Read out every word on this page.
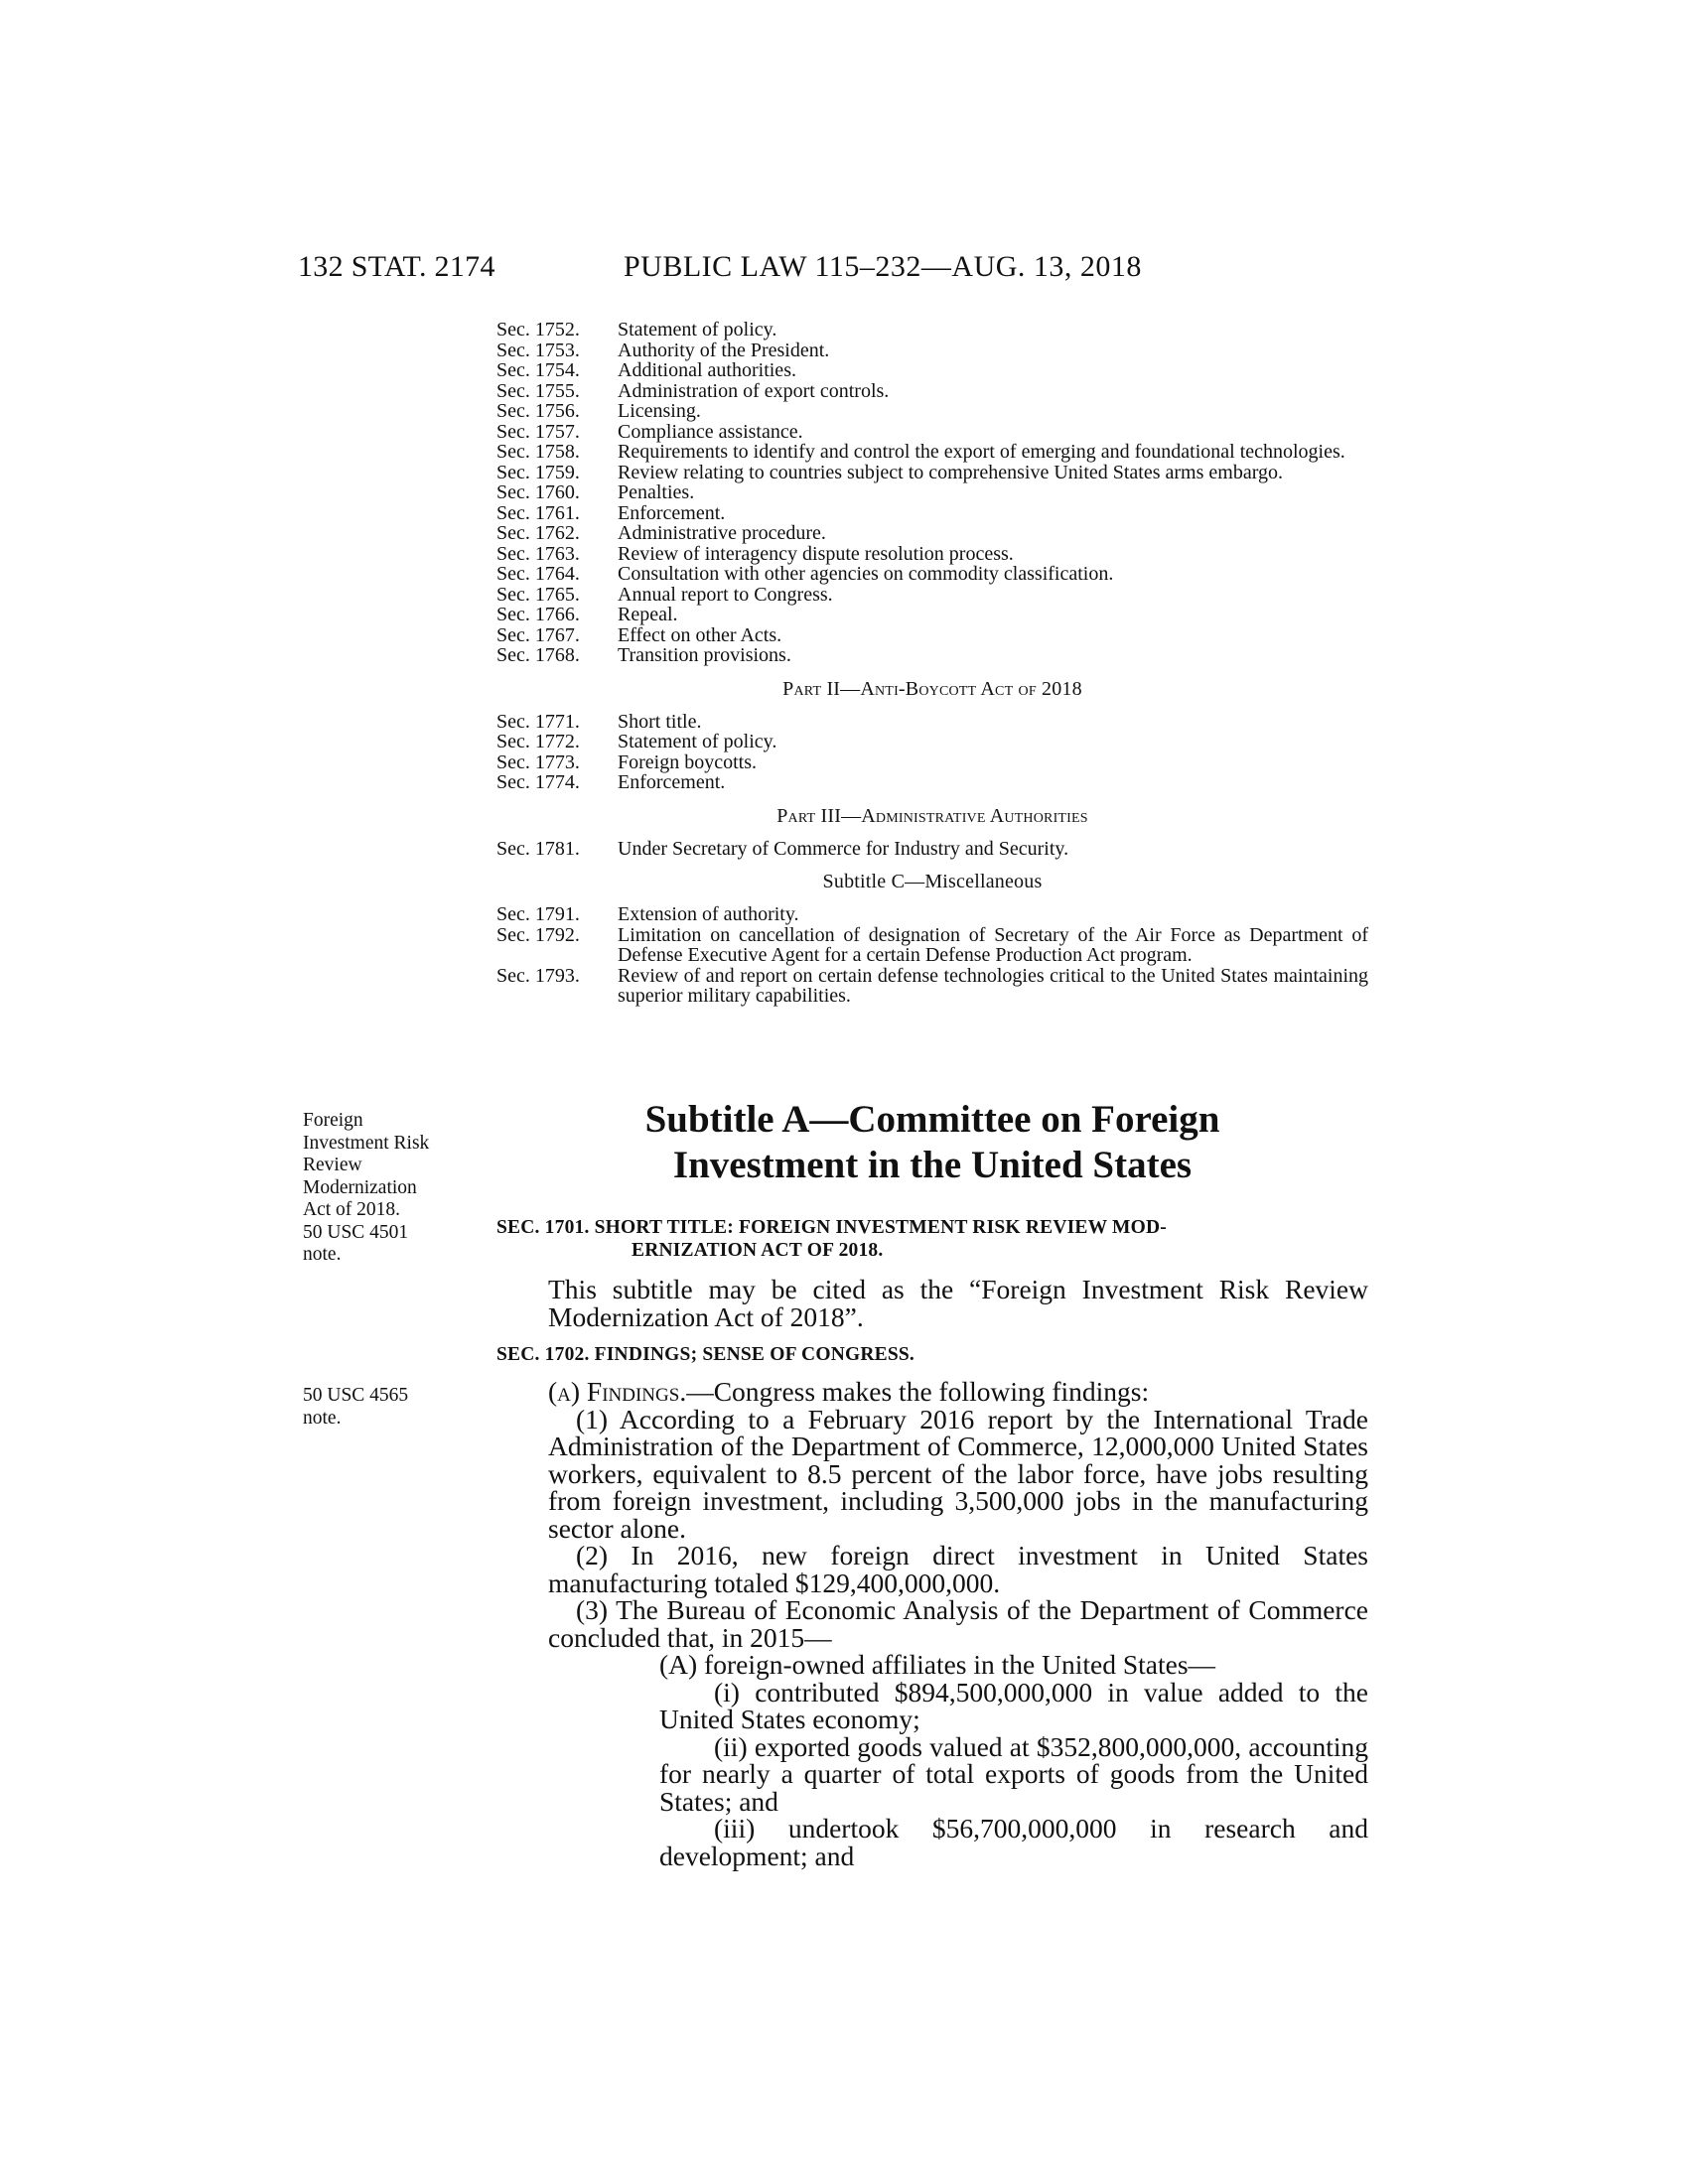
132 STAT. 2174	PUBLIC LAW 115–232—AUG. 13, 2018
Sec. 1752.	Statement of policy.
Sec. 1753.	Authority of the President.
Sec. 1754.	Additional authorities.
Sec. 1755.	Administration of export controls.
Sec. 1756.	Licensing.
Sec. 1757.	Compliance assistance.
Sec. 1758.	Requirements to identify and control the export of emerging and foundational technologies.
Sec. 1759.	Review relating to countries subject to comprehensive United States arms embargo.
Sec. 1760.	Penalties.
Sec. 1761.	Enforcement.
Sec. 1762.	Administrative procedure.
Sec. 1763.	Review of interagency dispute resolution process.
Sec. 1764.	Consultation with other agencies on commodity classification.
Sec. 1765.	Annual report to Congress.
Sec. 1766.	Repeal.
Sec. 1767.	Effect on other Acts.
Sec. 1768.	Transition provisions.
Part II—Anti-Boycott Act of 2018
Sec. 1771.	Short title.
Sec. 1772.	Statement of policy.
Sec. 1773.	Foreign boycotts.
Sec. 1774.	Enforcement.
Part III—Administrative Authorities
Sec. 1781.	Under Secretary of Commerce for Industry and Security.
Subtitle C—Miscellaneous
Sec. 1791.	Extension of authority.
Sec. 1792.	Limitation on cancellation of designation of Secretary of the Air Force as Department of Defense Executive Agent for a certain Defense Production Act program.
Sec. 1793.	Review of and report on certain defense technologies critical to the United States maintaining superior military capabilities.
Foreign
Investment Risk
Review
Modernization
Act of 2018.
50 USC 4501
note.
50 USC 4565
note.
Subtitle A—Committee on Foreign
Investment in the United States
SEC. 1701. SHORT TITLE: FOREIGN INVESTMENT RISK REVIEW MOD-
ERNIZATION ACT OF 2018.
This subtitle may be cited as the “Foreign Investment Risk Review Modernization Act of 2018”.
SEC. 1702. FINDINGS; SENSE OF CONGRESS.
(a) Findings.—Congress makes the following findings:
(1) According to a February 2016 report by the International Trade Administration of the Department of Commerce, 12,000,000 United States workers, equivalent to 8.5 percent of the labor force, have jobs resulting from foreign investment, including 3,500,000 jobs in the manufacturing sector alone.
(2) In 2016, new foreign direct investment in United States manufacturing totaled $129,400,000,000.
(3) The Bureau of Economic Analysis of the Department of Commerce concluded that, in 2015—
(A) foreign-owned affiliates in the United States—
(i) contributed $894,500,000,000 in value added to the United States economy;
(ii) exported goods valued at $352,800,000,000, accounting for nearly a quarter of total exports of goods from the United States; and
(iii) undertook $56,700,000,000 in research and development; and
